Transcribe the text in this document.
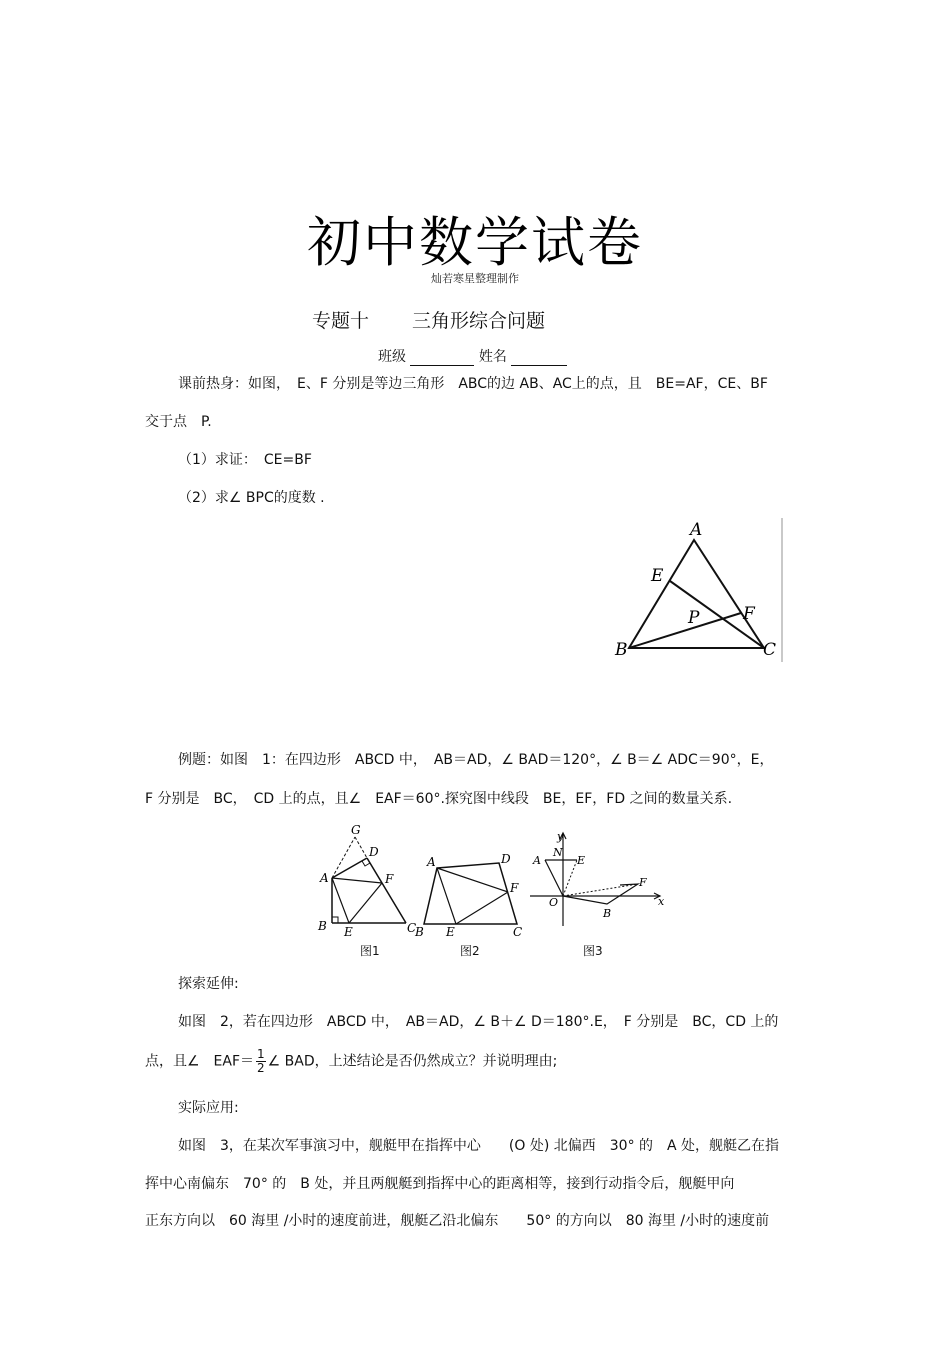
初中数学试卷
灿若寒星整理制作
专题十 三角形综合问题
班级	姓名
课前热身：如图，　E、F 分别是等边三角形　ABC的边 AB、AC上的点，且　BE=AF，CE、BF
交于点　P.
（1）求证：　CE=BF
（2）求∠ BPC的度数 .
A
E
P	F
B	C
例题：如图　1：在四边形　ABCD 中，　AB＝AD，∠ BAD＝120°，∠ B＝∠ ADC＝90°，E，
F 分别是　BC，　CD 上的点，且∠　EAF＝60°.探究图中线段　BE，EF，FD 之间的数量关系.
G
D
A	F
B E	C
图1
A	D
F
B E	C
图2
y
N
A	E
F
O
B
x
图3
探索延伸:
如图　2，若在四边形　ABCD 中，　AB＝AD，∠ B＋∠ D＝180°.E，　F 分别是　BC，CD 上的
点，且∠　$EAF= \frac{1}{2}$ ∠ BAD，上述结论是否仍然成立？并说明理由;
实际应用:
如图　3，在某次军事演习中，舰艇甲在指挥中心　　(O 处) 北偏西　30° 的　A 处，舰艇乙在指
挥中心南偏东　70° 的　B 处，并且两舰艇到指挥中心的距离相等，接到行动指令后，舰艇甲向
正东方向以　60 海里 /小时的速度前进，舰艇乙沿北偏东　　50° 的方向以　80 海里 /小时的速度前
